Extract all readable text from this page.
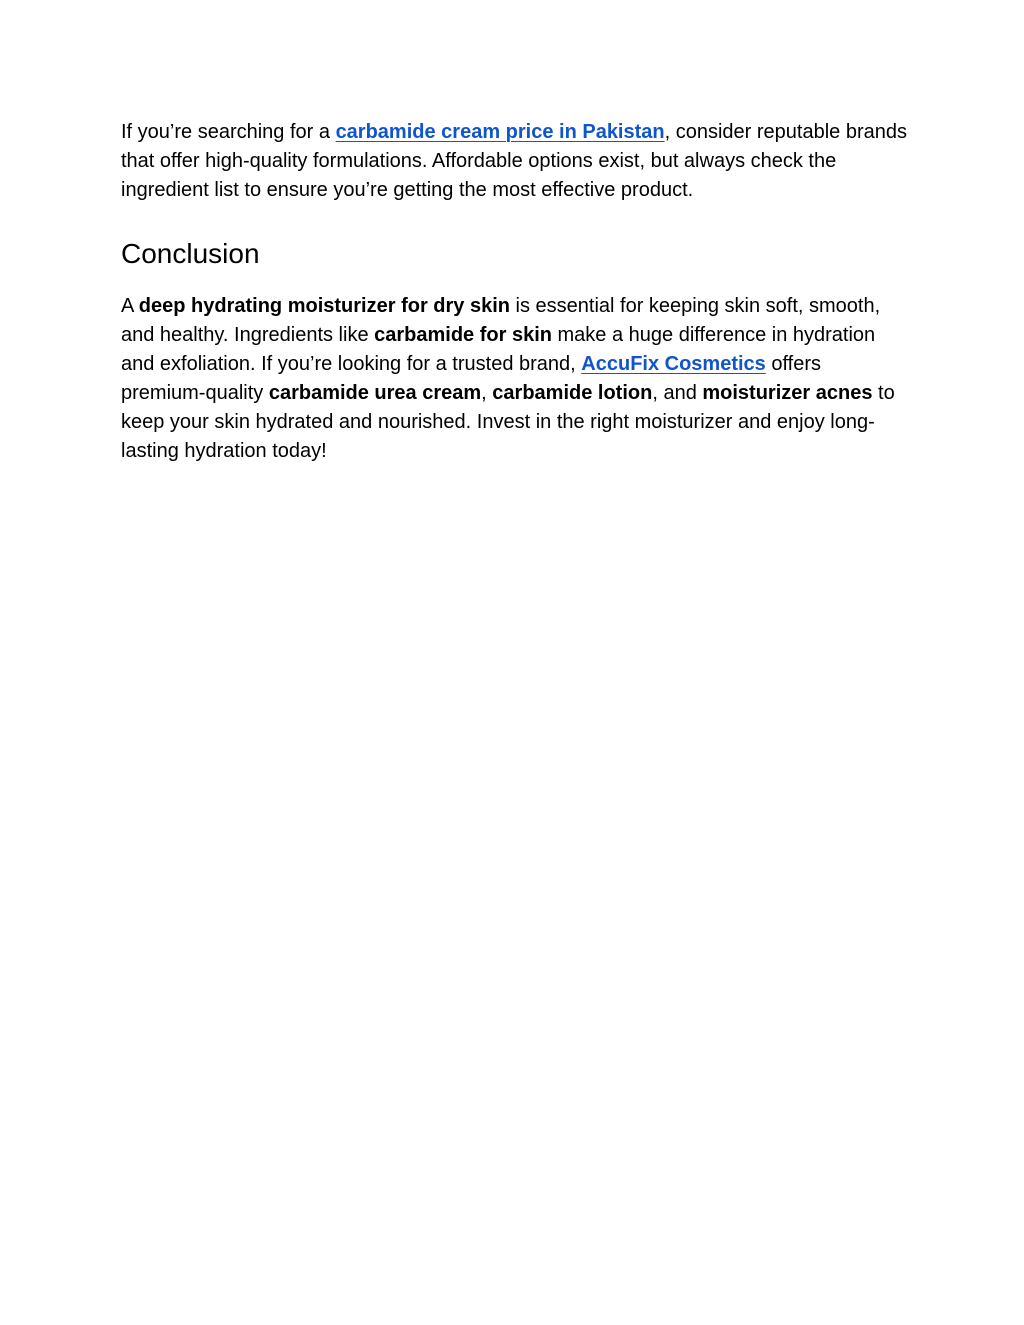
If you’re searching for a carbamide cream price in Pakistan, consider reputable brands that offer high-quality formulations. Affordable options exist, but always check the ingredient list to ensure you’re getting the most effective product.

Conclusion

A deep hydrating moisturizer for dry skin is essential for keeping skin soft, smooth, and healthy. Ingredients like carbamide for skin make a huge difference in hydration and exfoliation. If you’re looking for a trusted brand, AccuFix Cosmetics offers premium-quality carbamide urea cream, carbamide lotion, and moisturizer acnes to keep your skin hydrated and nourished. Invest in the right moisturizer and enjoy long-lasting hydration today!
